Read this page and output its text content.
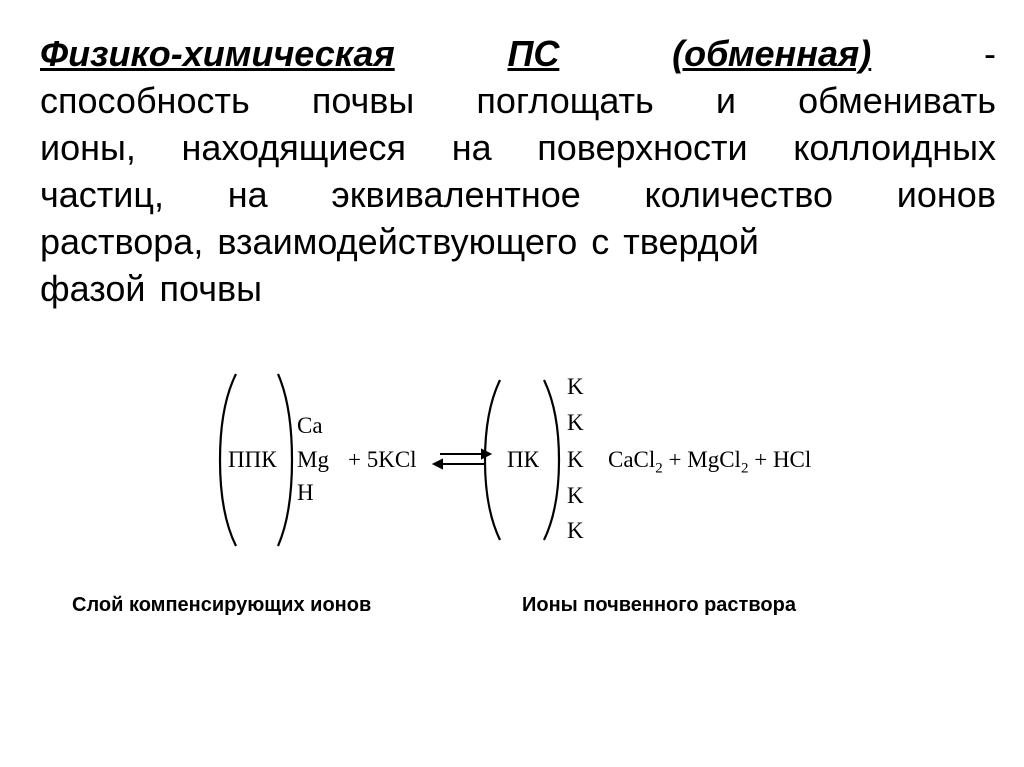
Физико-химическая	ПС	(обменная)	-
способность почвы поглощать и обменивать
ионы, находящиеся на поверхности коллоидных
частиц, на эквивалентное количество ионов
раствора, взаимодействующего с твердой
фазой почвы
ППК
Ca
Mg
H
+ 5KCl	ПК
K
K
K
K
K
CaCl$_2$ + MgCl$_2$ + HCl
Слой компенсирующих ионов	Ионы почвенного раствора
